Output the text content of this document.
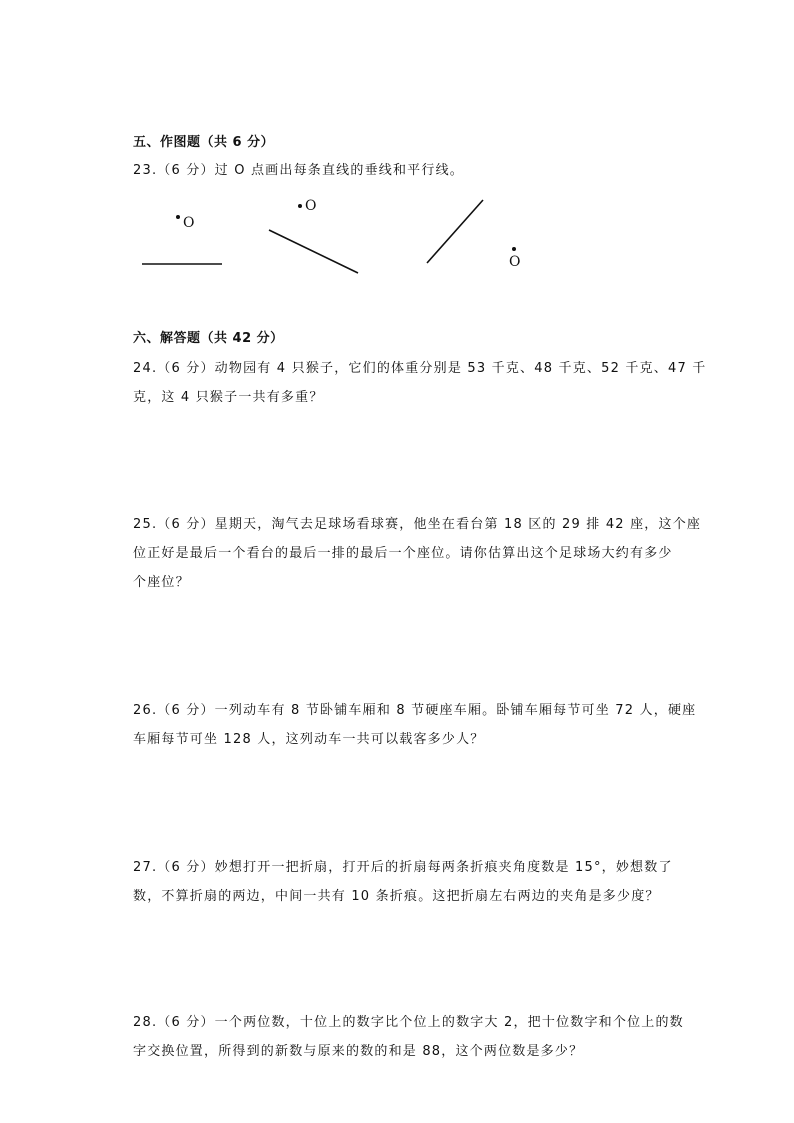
五、作图题（共 6 分）
23.（6 分）过 O 点画出每条直线的垂线和平行线。
O
O
O
六、解答题（共 42 分）
24.（6 分）动物园有 4 只猴子，它们的体重分别是 53 千克、48 千克、52 千克、47 千
克，这 4 只猴子一共有多重？
25.（6 分）星期天，淘气去足球场看球赛，他坐在看台第 18 区的 29 排 42 座，这个座
位正好是最后一个看台的最后一排的最后一个座位。请你估算出这个足球场大约有多少
个座位？
26.（6 分）一列动车有 8 节卧铺车厢和 8 节硬座车厢。卧铺车厢每节可坐 72 人，硬座
车厢每节可坐 128 人，这列动车一共可以载客多少人？
27.（6 分）妙想打开一把折扇，打开后的折扇每两条折痕夹角度数是 15°，妙想数了
数，不算折扇的两边，中间一共有 10 条折痕。这把折扇左右两边的夹角是多少度？
28.（6 分）一个两位数，十位上的数字比个位上的数字大 2，把十位数字和个位上的数
字交换位置，所得到的新数与原来的数的和是 88，这个两位数是多少？
